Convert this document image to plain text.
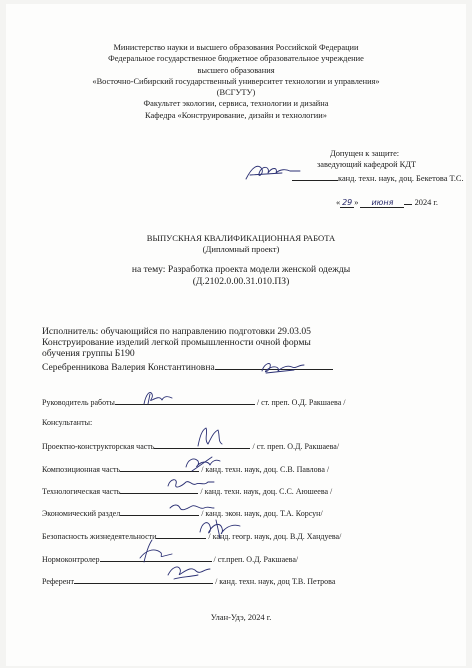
Министерство науки и высшего образования Российской Федерации
Федеральное государственное бюджетное образовательное учреждение
высшего образования
«Восточно-Сибирский государственный университет технологии и управления»
(ВСГУТУ)
Факультет экологии, сервиса, технологии и дизайна
Кафедра «Конструирование, дизайн и технологии»
Допущен к защите:
заведующий кафедрой КДТ
канд. техн. наук, доц. Бекетова Т.С.
« 29 » июня	2024 г.
ВЫПУСКНАЯ КВАЛИФИКАЦИОННАЯ РАБОТА
(Дипломный проект)
на тему: Разработка проекта модели женской одежды
(Д.2102.0.00.31.010.ПЗ)
Исполнитель: обучающийся по направлению подготовки 29.03.05
Конструирование изделий легкой промышленности очной формы
обучения группы Б190
Серебренникова Валерия Константиновна
Руководитель работы	/ ст. преп. О.Д. Ракшаева /
Консультанты:
Проектно-конструкторская часть	/ ст. преп. О.Д. Ракшаева/
Композиционная часть	/ канд. техн. наук, доц. С.В. Павлова /
Технологическая часть	/ канд. техн. наук, доц. С.С. Аюшеева /
Экономический раздел	/ канд. экон. наук, доц. Т.А. Корсун/
Безопасность жизнедеятельности	/ канд. геогр. наук, доц. В.Д. Хандуева/
Нормоконтролер	/ ст.преп. О.Д. Ракшаева/
Референт	/ канд. техн. наук, доц Т.В. Петрова
Улан-Удэ, 2024 г.
